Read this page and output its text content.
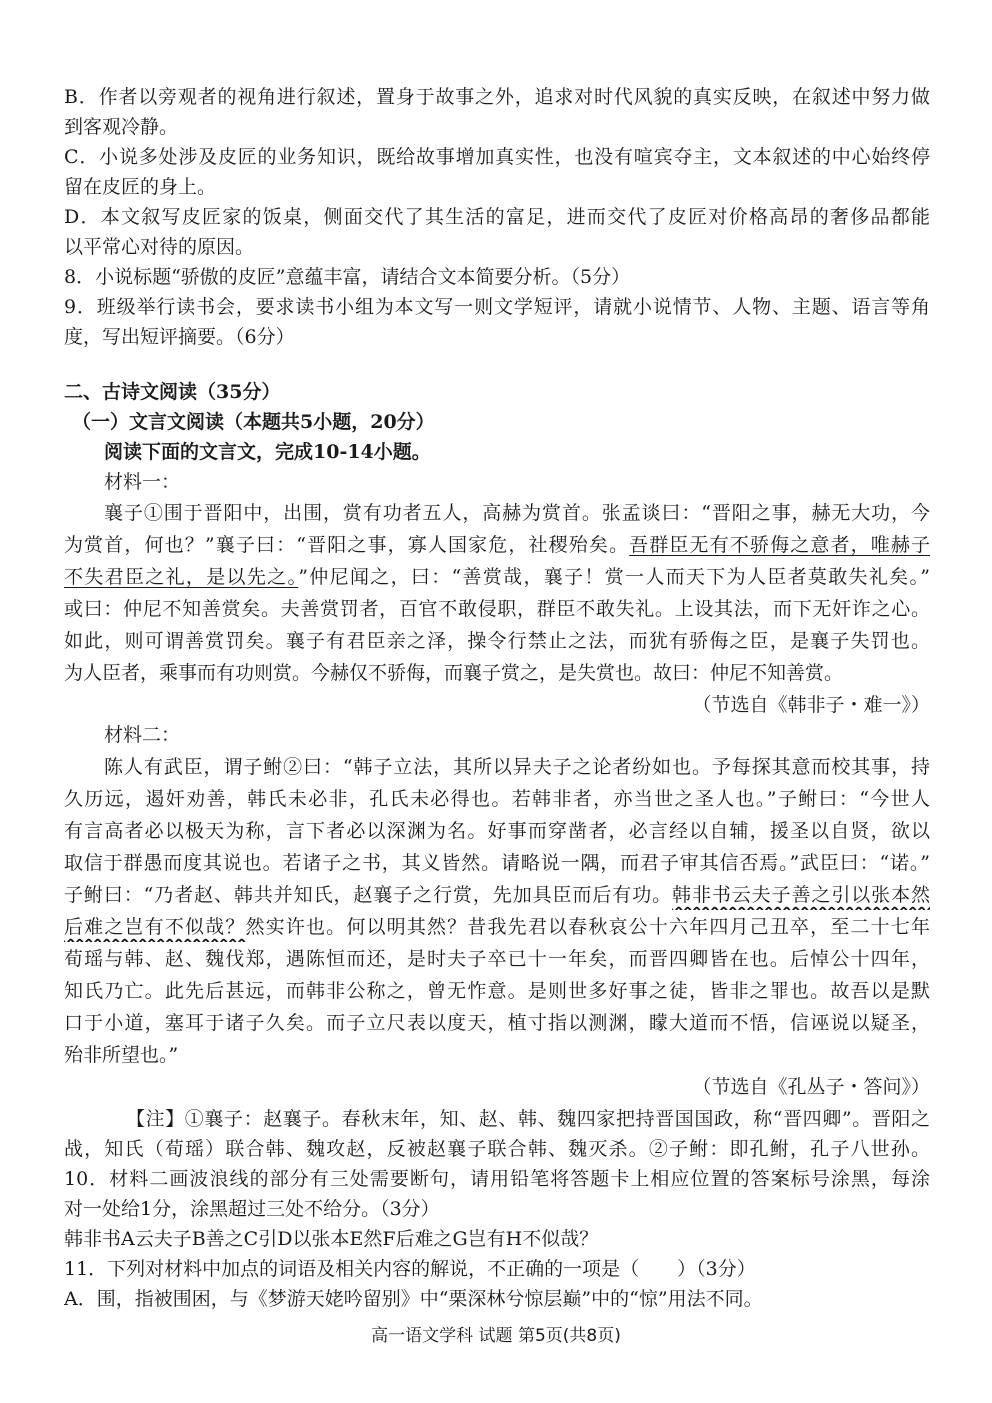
B．作者以旁观者的视角进行叙述，置身于故事之外，追求对时代风貌的真实反映，在叙述中努力做
到客观冷静。
C．小说多处涉及皮匠的业务知识，既给故事增加真实性，也没有喧宾夺主，文本叙述的中心始终停
留在皮匠的身上。
D．本文叙写皮匠家的饭桌，侧面交代了其生活的富足，进而交代了皮匠对价格高昂的奢侈品都能
以平常心对待的原因。
8．小说标题“骄傲的皮匠”意蕴丰富，请结合文本简要分析。（5分）
9．班级举行读书会，要求读书小组为本文写一则文学短评，请就小说情节、人物、主题、语言等角
度，写出短评摘要。（6分）
二、古诗文阅读（35分）
（一）文言文阅读（本题共5小题，20分）
阅读下面的文言文，完成10-14小题。
材料一：
襄子①围于晋阳中，出围，赏有功者五人，高赫为赏首。张孟谈曰：“晋阳之事，赫无大功，今
为赏首，何也？”襄子曰：“晋阳之事，寡人国家危，社稷殆矣。吾群臣无有不骄侮之意者，唯赫子
不失君臣之礼，是以先之。”仲尼闻之，曰：“善赏哉，襄子！赏一人而天下为人臣者莫敢失礼矣。”
或曰：仲尼不知善赏矣。夫善赏罚者，百官不敢侵职，群臣不敢失礼。上设其法，而下无奸诈之心。
如此，则可谓善赏罚矣。襄子有君臣亲之泽，操令行禁止之法，而犹有骄侮之臣，是襄子失罚也。
为人臣者，乘事而有功则赏。今赫仅不骄侮，而襄子赏之，是失赏也。故曰：仲尼不知善赏。
（节选自《韩非子・难一》）
材料二：
陈人有武臣，谓子鲋②曰：“韩子立法，其所以异夫子之论者纷如也。予每探其意而校其事，持
久历远，遏奸劝善，韩氏未必非，孔氏未必得也。若韩非者，亦当世之圣人也。”子鲋曰：“今世人
有言高者必以极天为称，言下者必以深渊为名。好事而穿凿者，必言经以自辅，援圣以自贤，欲以
取信于群愚而度其说也。若诸子之书，其义皆然。请略说一隅，而君子审其信否焉。”武臣曰：“诺。”
子鲋曰：“乃者赵、韩共并知氏，赵襄子之行赏，先加具臣而后有功。韩非书云夫子善之引以张本然
后难之岂有不似哉？然实许也。何以明其然？昔我先君以春秋哀公十六年四月己丑卒，至二十七年
荀瑶与韩、赵、魏伐郑，遇陈恒而还，是时夫子卒已十一年矣，而晋四卿皆在也。后悼公十四年，
知氏乃亡。此先后甚远，而韩非公称之，曾无怍意。是则世多好事之徒，皆非之罪也。故吾以是默
口于小道，塞耳于诸子久矣。而子立尺表以度天，植寸指以测渊，矇大道而不悟，信诬说以疑圣，
殆非所望也。”
（节选自《孔丛子・答问》）
【注】①襄子：赵襄子。春秋末年，知、赵、韩、魏四家把持晋国国政，称“晋四卿”。晋阳之
战，知氏（荀瑶）联合韩、魏攻赵，反被赵襄子联合韩、魏灭杀。②子鲋：即孔鲋，孔子八世孙。
10．材料二画波浪线的部分有三处需要断句，请用铅笔将答题卡上相应位置的答案标号涂黑，每涂
对一处给1分，涂黑超过三处不给分。（3分）
韩非书A云夫子B善之C引D以张本E然F后难之G岂有H不似哉？
11．下列对材料中加点的词语及相关内容的解说，不正确的一项是（　　）（3分）
A．围，指被围困，与《梦游天姥吟留别》中“栗深林兮惊层巅”中的“惊”用法不同。
高一语文学科 试题 第5页(共8页)
